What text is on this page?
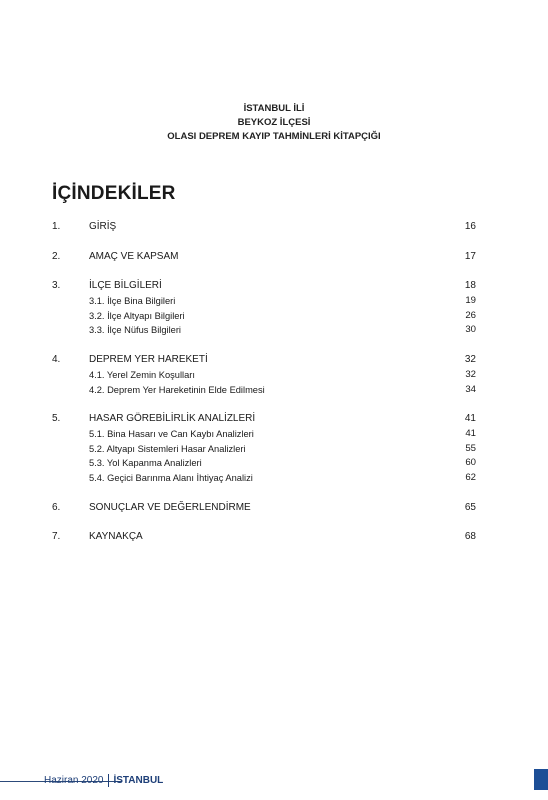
İSTANBUL İLİ
BEYKOZ İLÇESİ
OLASI DEPREM KAYIP TAHMİNLERİ KİTAPÇIĞI
İÇİNDEKİLER
1.	GİRİŞ	16
2.	AMAÇ VE KAPSAM	17
3.	İLÇE BİLGİLERİ	18
3.1. İlçe Bina Bilgileri	19
3.2. İlçe Altyapı Bilgileri	26
3.3. İlçe Nüfus Bilgileri	30
4.	DEPREM YER HAREKETİ	32
4.1. Yerel Zemin Koşulları	32
4.2. Deprem Yer Hareketinin Elde Edilmesi	34
5.	HASAR GÖREBİLİRLİK ANALİZLERİ	41
5.1. Bina Hasarı ve Can Kaybı Analizleri	41
5.2. Altyapı Sistemleri Hasar Analizleri	55
5.3. Yol Kapanma Analizleri	60
5.4. Geçici Barınma Alanı İhtiyaç Analizi	62
6.	SONUÇLAR VE DEĞERLENDİRME	65
7.	KAYNAKÇA	68
Haziran 2020 İSTANBUL
